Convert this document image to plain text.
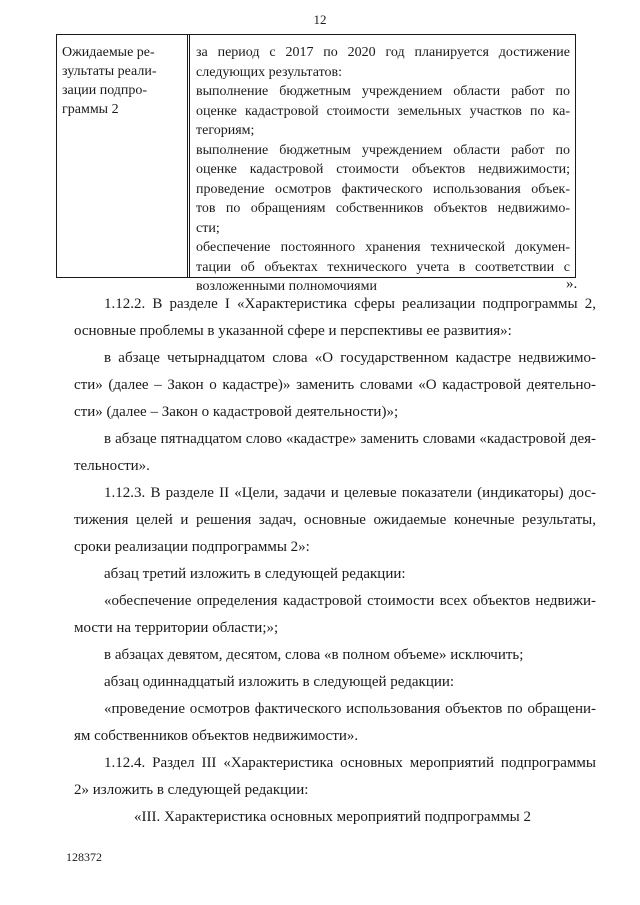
12
Ожидаемые ре-
зультаты реали-
зации подпро-
граммы 2
за период с 2017 по 2020 год планируется достижение
следующих результатов:
выполнение бюджетным учреждением области работ по
оценке кадастровой стоимости земельных участков по ка-
тегориям;
выполнение бюджетным учреждением области работ по
оценке кадастровой стоимости объектов недвижимости;
проведение осмотров фактического использования объек-
тов по обращениям собственников объектов недвижимо-
сти;
обеспечение постоянного хранения технической докумен-
тации об объектах технического учета в соответствии с
возложенными полномочиями	».
1.12.2. В разделе I «Характеристика сферы реализации подпрограммы 2,
основные проблемы в указанной сфере и перспективы ее развития»:
в абзаце четырнадцатом слова «О государственном кадастре недвижимо-
сти» (далее – Закон о кадастре)» заменить словами «О кадастровой деятельно-
сти» (далее – Закон о кадастровой деятельности)»;
в абзаце пятнадцатом слово «кадастре» заменить словами «кадастровой дея-
тельности».
1.12.3. В разделе II «Цели, задачи и целевые показатели (индикаторы) дос-
тижения целей и решения задач, основные ожидаемые конечные результаты,
сроки реализации подпрограммы 2»:
абзац третий изложить в следующей редакции:
«обеспечение определения кадастровой стоимости всех объектов недвижи-
мости на территории области;»;
в абзацах девятом, десятом, слова «в полном объеме» исключить;
абзац одиннадцатый изложить в следующей редакции:
«проведение осмотров фактического использования объектов по обращени-
ям собственников объектов недвижимости».
1.12.4. Раздел III «Характеристика основных мероприятий подпрограммы
2» изложить в следующей редакции:
«III. Характеристика основных мероприятий подпрограммы 2
128372
